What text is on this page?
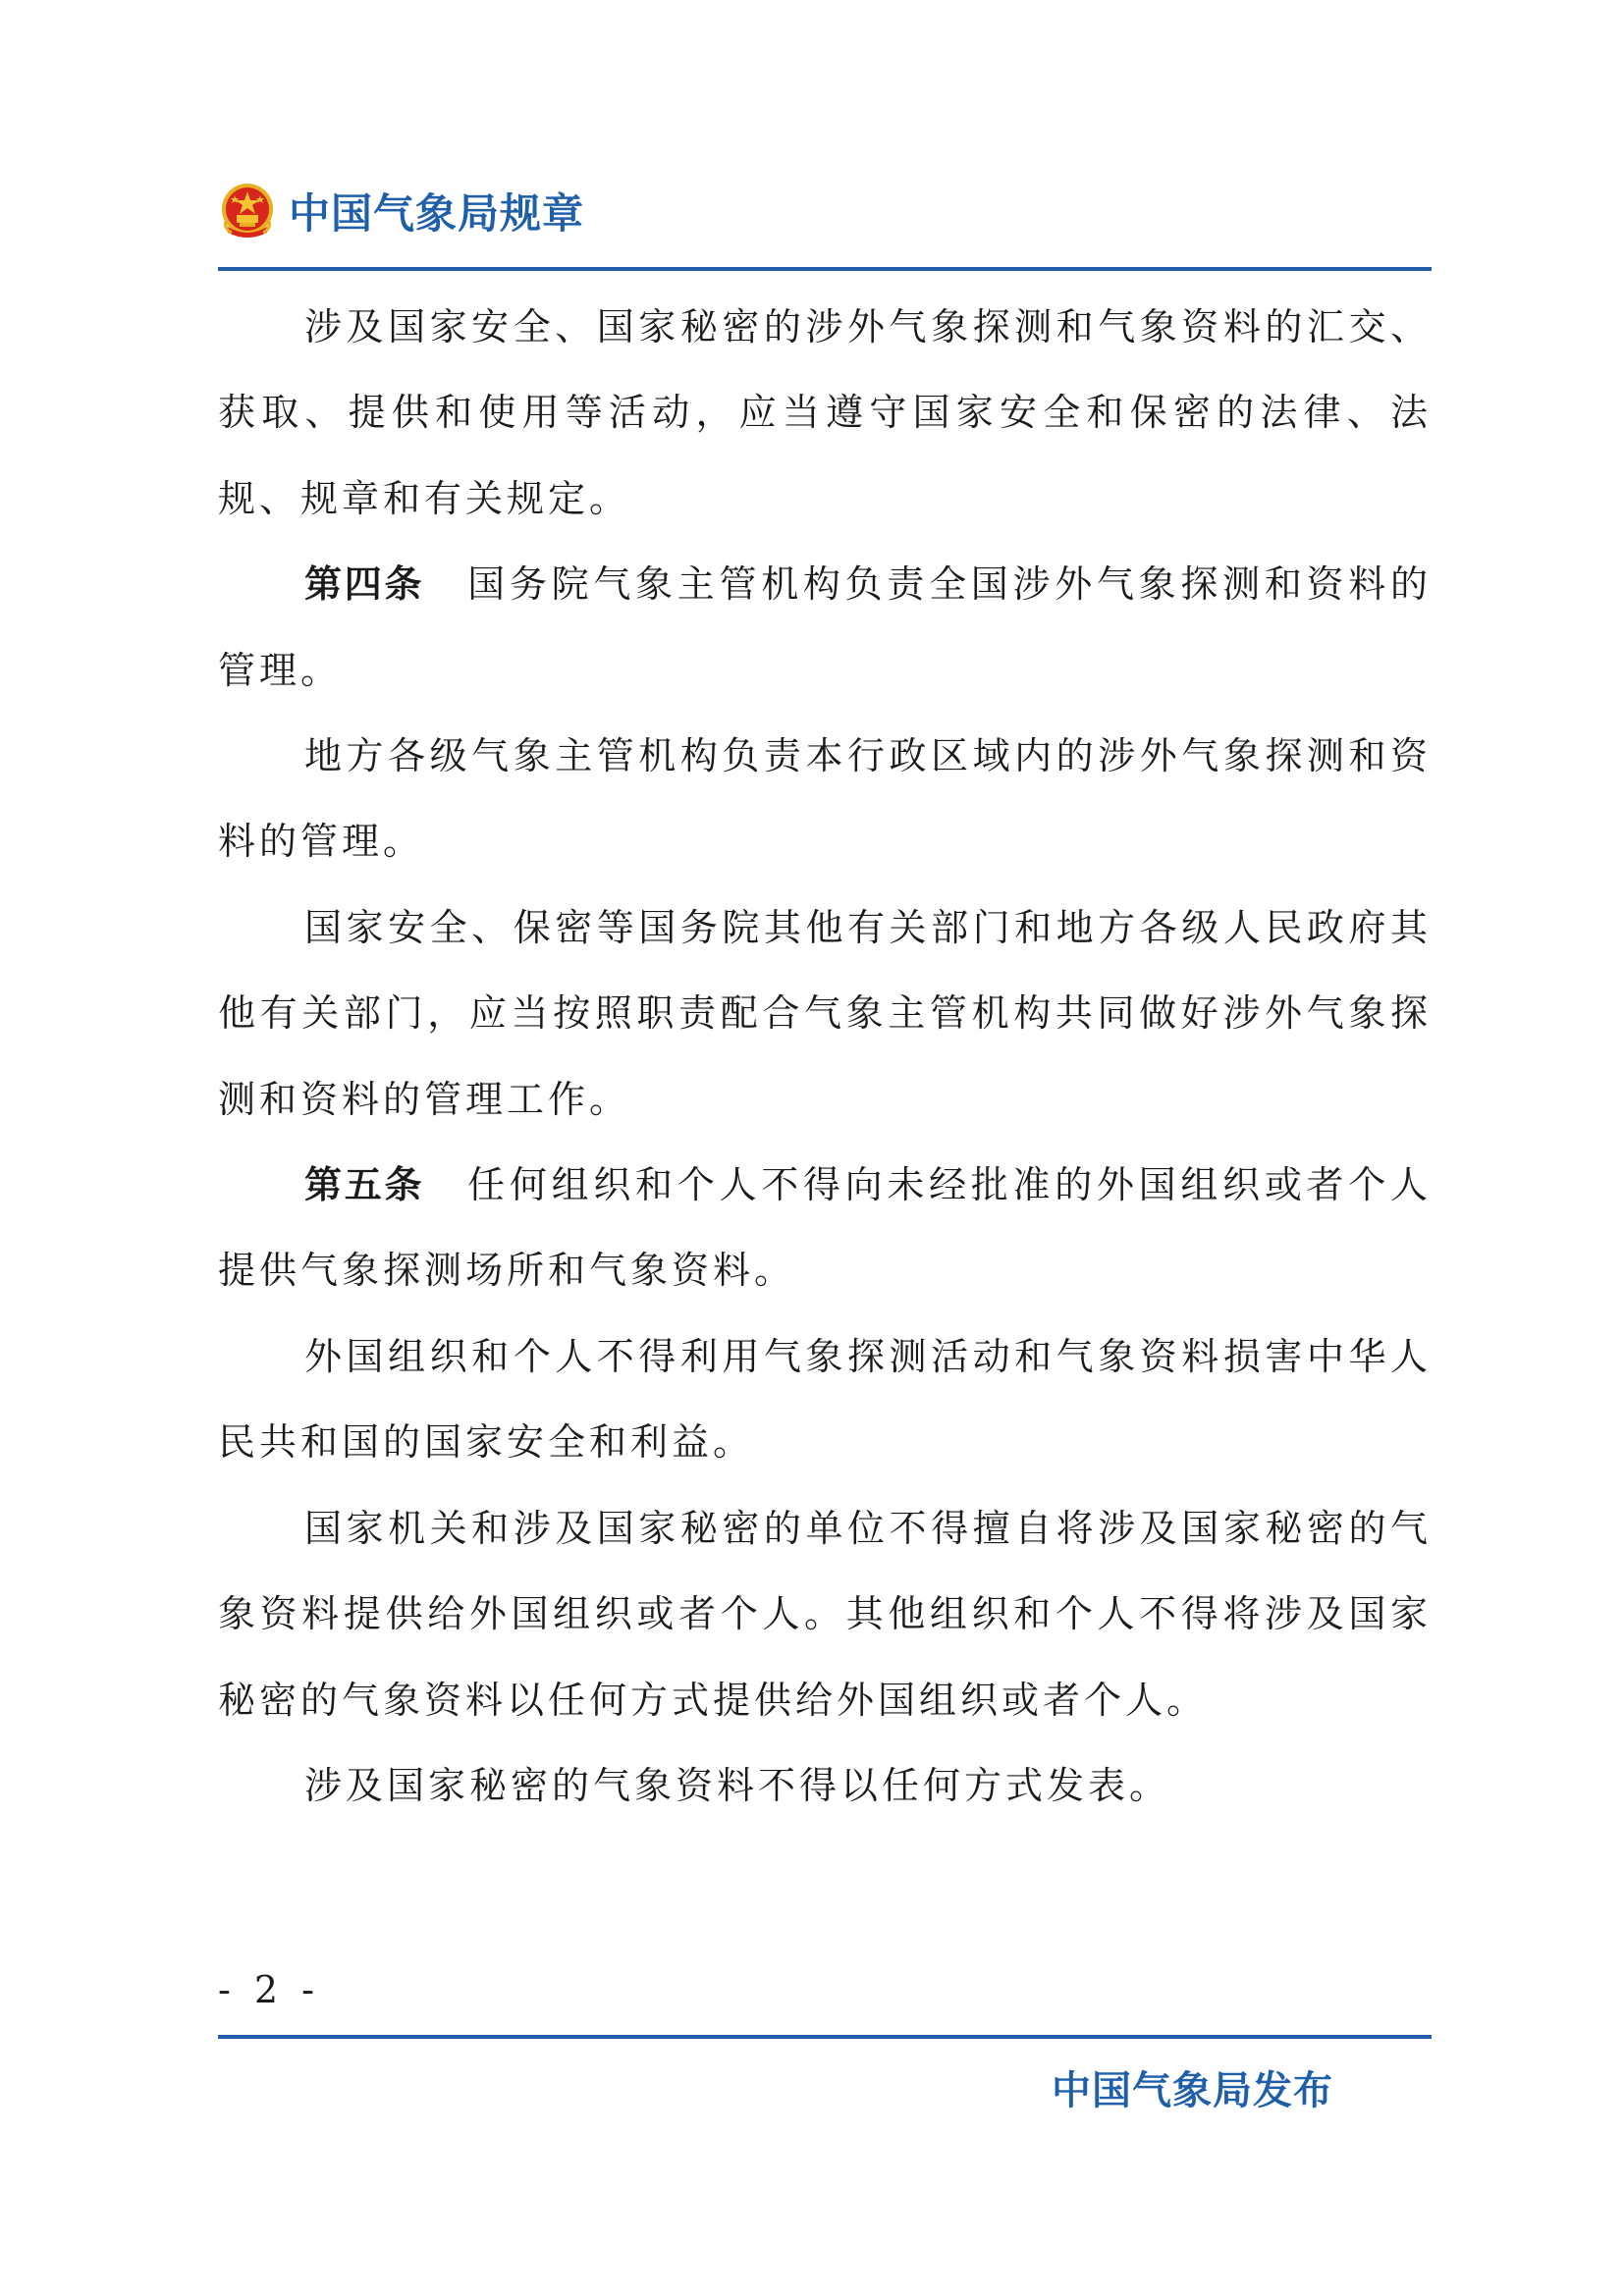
中国气象局规章

涉及国家安全、国家秘密的涉外气象探测和气象资料的汇交、获取、提供和使用等活动，应当遵守国家安全和保密的法律、法规、规章和有关规定。

第四条 国务院气象主管机构负责全国涉外气象探测和资料的管理。

地方各级气象主管机构负责本行政区域内的涉外气象探测和资料的管理。

国家安全、保密等国务院其他有关部门和地方各级人民政府其他有关部门，应当按照职责配合气象主管机构共同做好涉外气象探测和资料的管理工作。

第五条 任何组织和个人不得向未经批准的外国组织或者个人提供气象探测场所和气象资料。

外国组织和个人不得利用气象探测活动和气象资料损害中华人民共和国的国家安全和利益。

国家机关和涉及国家秘密的单位不得擅自将涉及国家秘密的气象资料提供给外国组织或者个人。其他组织和个人不得将涉及国家秘密的气象资料以任何方式提供给外国组织或者个人。

涉及国家秘密的气象资料不得以任何方式发表。

- 2 -
中国气象局发布
